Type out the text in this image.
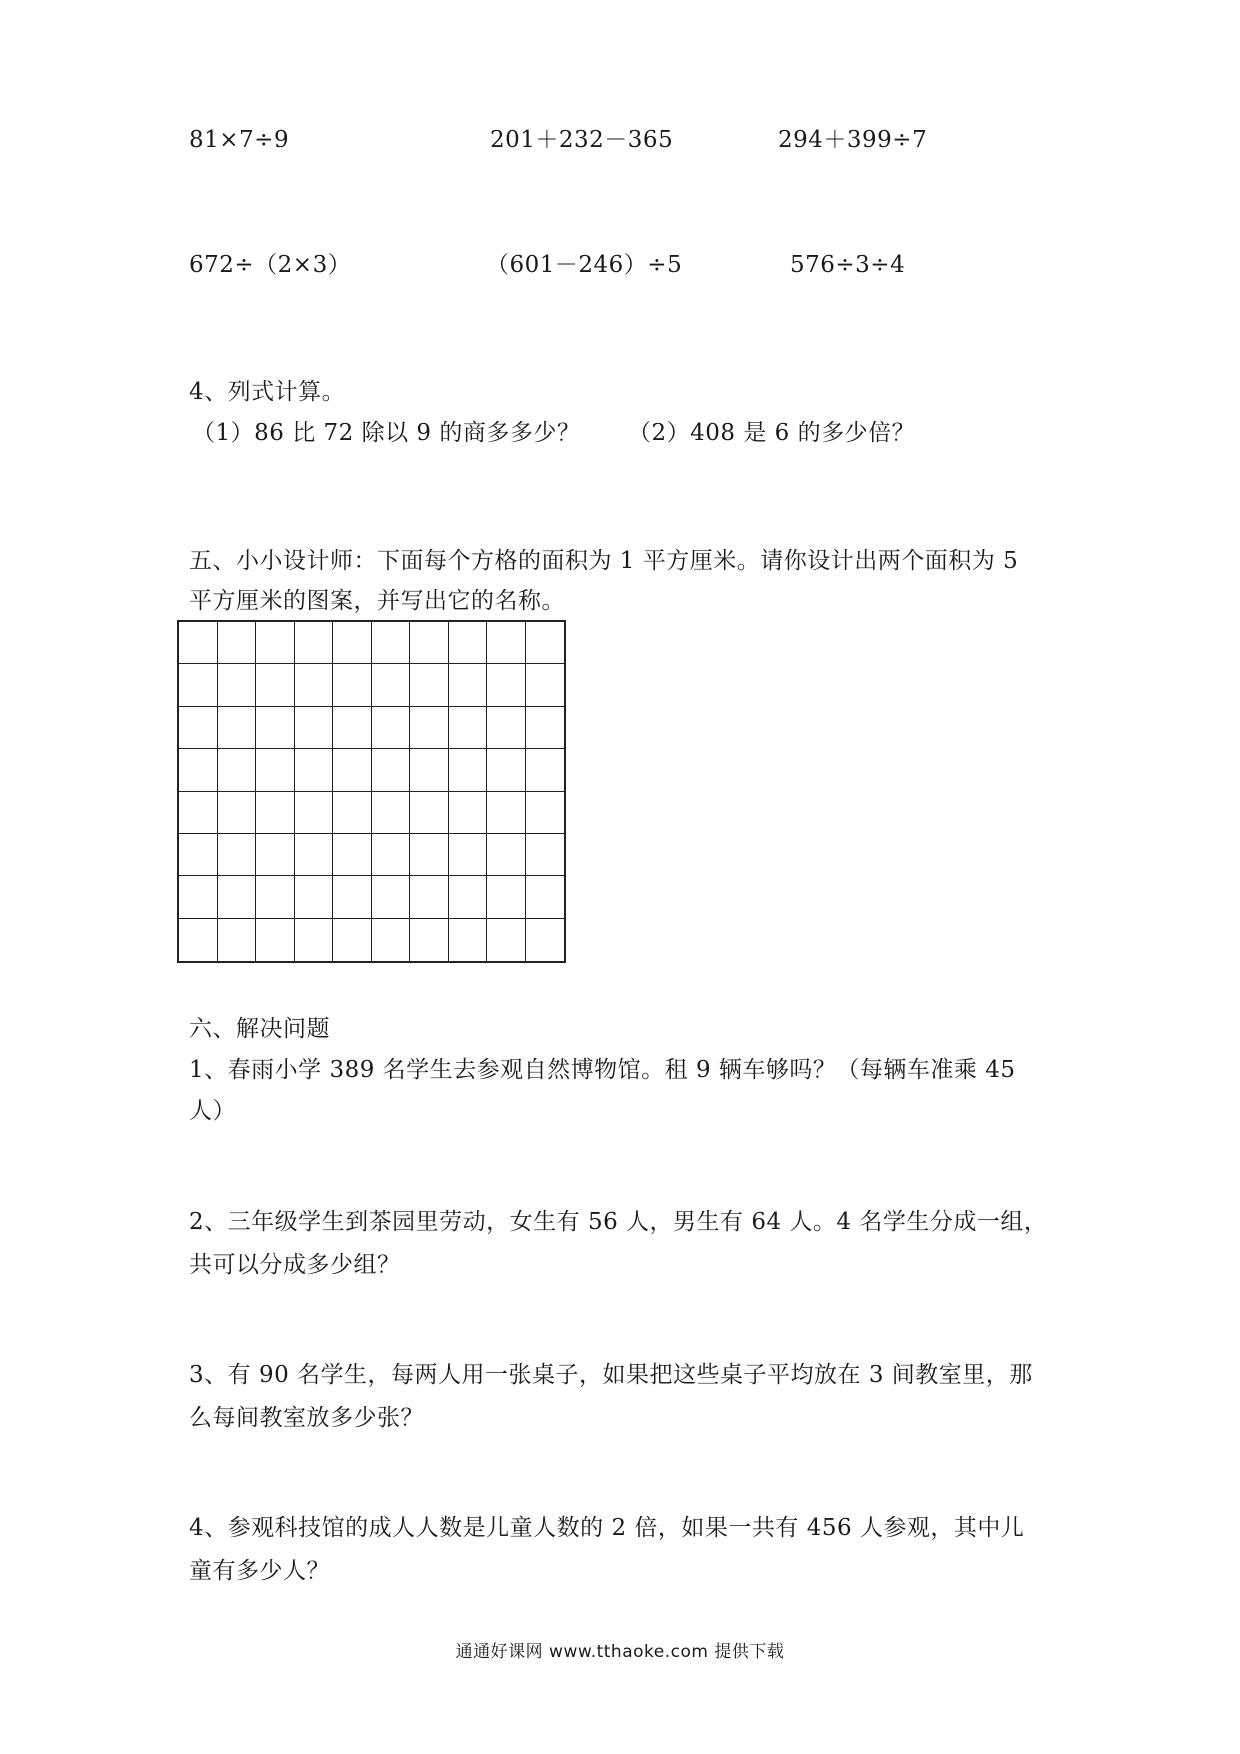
81×7÷9	201＋232－365	294＋399÷7
672÷（2×3）	（601－246）÷5	576÷3÷4
4、列式计算。
（1）86 比 72 除以 9 的商多多少？ （2）408 是 6 的多少倍？
五、小小设计师：下面每个方格的面积为 1 平方厘米。请你设计出两个面积为 5
平方厘米的图案，并写出它的名称。
六、解决问题
1、春雨小学 389 名学生去参观自然博物馆。租 9 辆车够吗？（每辆车准乘 45
人）
2、三年级学生到茶园里劳动，女生有 56 人，男生有 64 人。4 名学生分成一组，
共可以分成多少组？
3、有 90 名学生，每两人用一张桌子，如果把这些桌子平均放在 3 间教室里，那
么每间教室放多少张？
4、参观科技馆的成人人数是儿童人数的 2 倍，如果一共有 456 人参观，其中儿
童有多少人？
通通好课网 www.tthaoke.com 提供下载
